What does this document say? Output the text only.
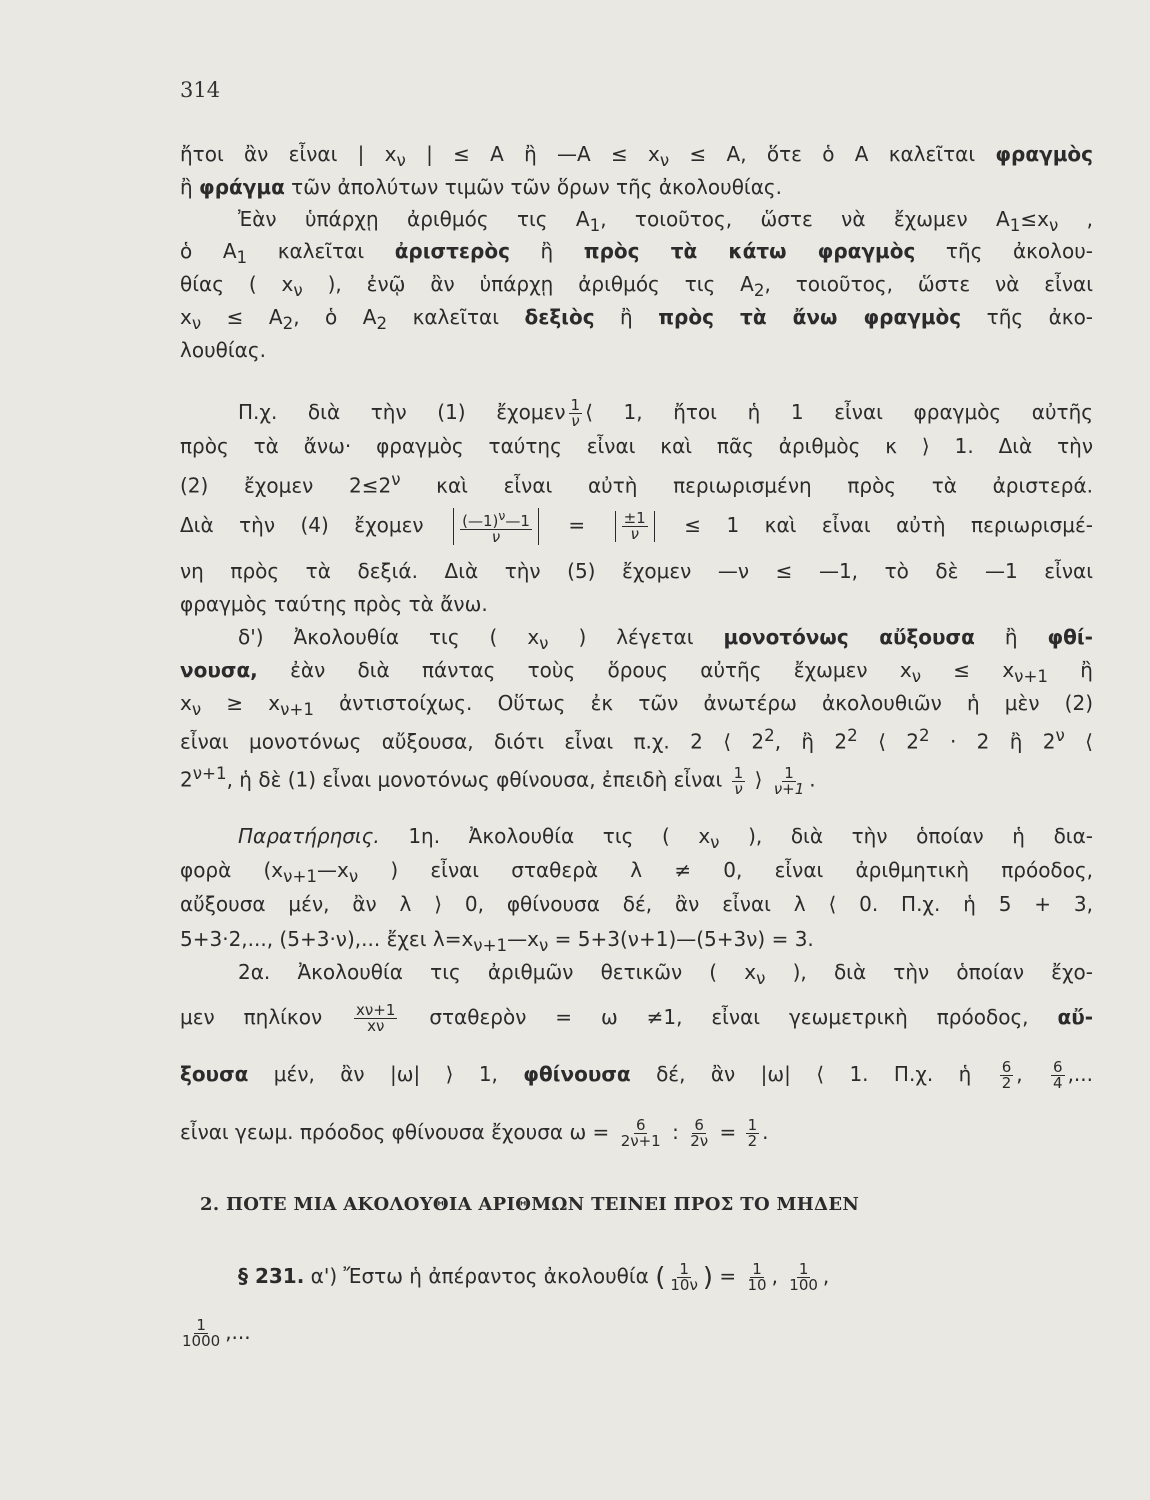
314
ἤτοι ἂν εἶναι | $x_\nu$ | ≤ Α ἢ —Α ≤ $x_\nu \le A$, ὅτε ὁ Α καλεῖται φραγμὸς
ἢ φράγμα τῶν ἀπολύτων τιμῶν τῶν ὅρων τῆς ἀκολουθίας.
Ἐὰν ὑπάρχῃ ἀριθμός τις $A_1$, τοιοῦτος, ὥστε νὰ ἔχωμεν $A_1\le x_\nu$ ,
ὁ $A_1$ καλεῖται ἀριστερὸς ἢ πρὸς τὰ κάτω φραγμὸς τῆς ἀκολου-
θίας ( $x_\nu$ ), ἐνῷ ἂν ὑπάρχῃ ἀριθμός τις $A_2$, τοιοῦτος, ὥστε νὰ εἶναι
$x_\nu \le A_2$, ὁ $A_2$ καλεῖται δεξιὸς ἢ πρὸς τὰ ἄνω φραγμὸς τῆς ἀκο-
λουθίας.
Π.χ. διὰ τὴν (1) ἔχομεν $\frac{1}{\nu}$ ⟨ 1, ἤτοι ἡ 1 εἶναι φραγμὸς αὐτῆς
πρὸς τὰ ἄνω· φραγμὸς ταύτης εἶναι καὶ πᾶς ἀριθμὸς κ ⟩ 1. Διὰ τὴν
(2) ἔχομεν $2\le 2^\nu$ καὶ εἶναι αὐτὴ περιωρισμένη πρὸς τὰ ἀριστερά.
Διὰ τὴν (4) ἔχομεν $\frac{(—1)^\nu—1}{\nu} = \frac{\pm 1}{\nu} \le 1$ καὶ εἶναι αὐτὴ περιωρισμέ-
νη πρὸς τὰ δεξιά. Διὰ τὴν (5) ἔχομεν —ν ≤ —1, τὸ δὲ —1 εἶναι
φραγμὸς ταύτης πρὸς τὰ ἄνω.
δ') Ἀκολουθία τις ( $x_\nu$ ) λέγεται μονοτόνως αὔξουσα ἢ φθί-
νουσα, ἐὰν διὰ πάντας τοὺς ὅρους αὐτῆς ἔχωμεν $x_\nu \le x_{\nu+1}$ ἢ
$x_\nu \ge x_{\nu+1}$ ἀντιστοίχως. Οὕτως ἐκ τῶν ἀνωτέρω ἀκολουθιῶν ἡ μὲν (2)
εἶναι μονοτόνως αὔξουσα, διότι εἶναι π.χ. 2 ⟨ $2^2$, ἢ $2^2$ ⟨ $2^2 \cdot 2$ ἢ $2^\nu$ ⟨
$2^{\nu+1}$, ἡ δὲ (1) εἶναι μονοτόνως φθίνουσα, ἐπειδὴ εἶναι $\frac{1}{\nu}$ ⟩ $\frac{1}{\nu+1}$ .
Παρατήρησις. 1η. Ἀκολουθία τις ( $x_\nu$ ), διὰ τὴν ὁποίαν ἡ δια-
φορὰ ($x_{\nu+1}—x_\nu$ ) εἶναι σταθερὰ λ ≠ 0, εἶναι ἀριθμητικὴ πρόοδος,
αὔξουσα μέν, ἂν λ ⟩ 0, φθίνουσα δέ, ἂν εἶναι λ ⟨ 0. Π.χ. ἡ 5 + 3,
5+3·2,..., (5+3·ν),... ἔχει $\lambda=x_{\nu+1}—x_\nu$ = 5+3(ν+1)—(5+3ν) = 3.
2α. Ἀκολουθία τις ἀριθμῶν θετικῶν ( $x_\nu$ ), διὰ τὴν ὁποίαν ἔχο-
μεν πηλίκον $\frac{x\nu+1}{x\nu}$ σταθερὸν = ω ≠1, εἶναι γεωμετρικὴ πρόοδος, αὔ-
ξουσα μέν, ἂν |ω| ⟩ 1, φθίνουσα δέ, ἂν |ω| ⟨ 1. Π.χ. ἡ $\frac{6}{2}$ , $\frac{6}{4}$ ,...
εἶναι γεωμ. πρόοδος φθίνουσα ἔχουσα $\omega = \frac{6}{2\nu+1}$ : $\frac{6}{2\nu} = \frac{1}{2}$ .
2. ΠΟΤΕ ΜΙΑ ΑΚΟΛΟΥΘΙΑ ΑΡΙΘΜΩΝ ΤΕΙΝΕΙ ΠΡΟΣ ΤΟ ΜΗΔΕΝ
§ 231. α') Ἔστω ἡ ἀπέραντος ἀκολουθία ( $\frac{1}{10\nu}$ ) = $\frac{1}{10}$ , $\frac{1}{100}$ ,
$\frac{1}{1000}$ ,...
